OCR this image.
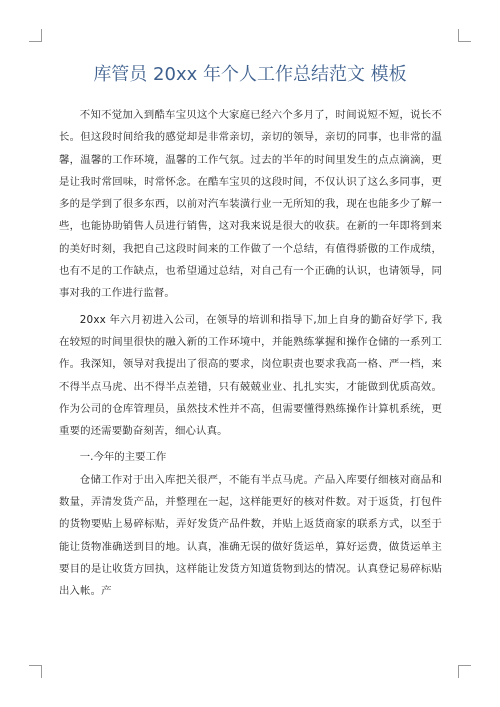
库管员 20xx 年个人工作总结范文 模板

不知不觉加入到酷车宝贝这个大家庭已经六个多月了，时间说短不短，说长不长。但这段时间给我的感觉却是非常亲切，亲切的领导，亲切的同事，也非常的温馨，温馨的工作环境，温馨的工作气氛。过去的半年的时间里发生的点点滴滴，更是让我时常回味，时常怀念。在酷车宝贝的这段时间，不仅认识了这么多同事，更多的是学到了很多东西，以前对汽车装潢行业一无所知的我，现在也能多少了解一些，也能协助销售人员进行销售，这对我来说是很大的收获。在新的一年即将到来的美好时刻，我把自己这段时间来的工作做了一个总结，有值得骄傲的工作成绩，也有不足的工作缺点，也希望通过总结，对自己有一个正确的认识，也请领导，同事对我的工作进行监督。

20xx 年六月初进入公司，在领导的培训和指导下,加上自身的勤奋好学下, 我在较短的时间里很快的融入新的工作环境中，并能熟练掌握和操作仓储的一系列工作。我深知，领导对我提出了很高的要求，岗位职责也要求我高一格、严一档，来不得半点马虎、出不得半点差错，只有兢兢业业、扎扎实实，才能做到优质高效。作为公司的仓库管理员，虽然技术性并不高，但需要懂得熟练操作计算机系统，更重要的还需要勤奋刻苦，细心认真。

一.今年的主要工作

仓储工作对于出入库把关很严，不能有半点马虎。产品入库要仔细核对商品和数量，弄清发货产品，并整理在一起，这样能更好的核对件数。对于返货，打包件的货物要贴上易碎标贴，弄好发货产品件数，并贴上返货商家的联系方式，以至于能让货物准确送到目的地。认真，准确无误的做好货运单，算好运费，做货运单主要目的是让收货方回执，这样能让发货方知道货物到达的情况。认真登记易碎标贴出入帐。产
